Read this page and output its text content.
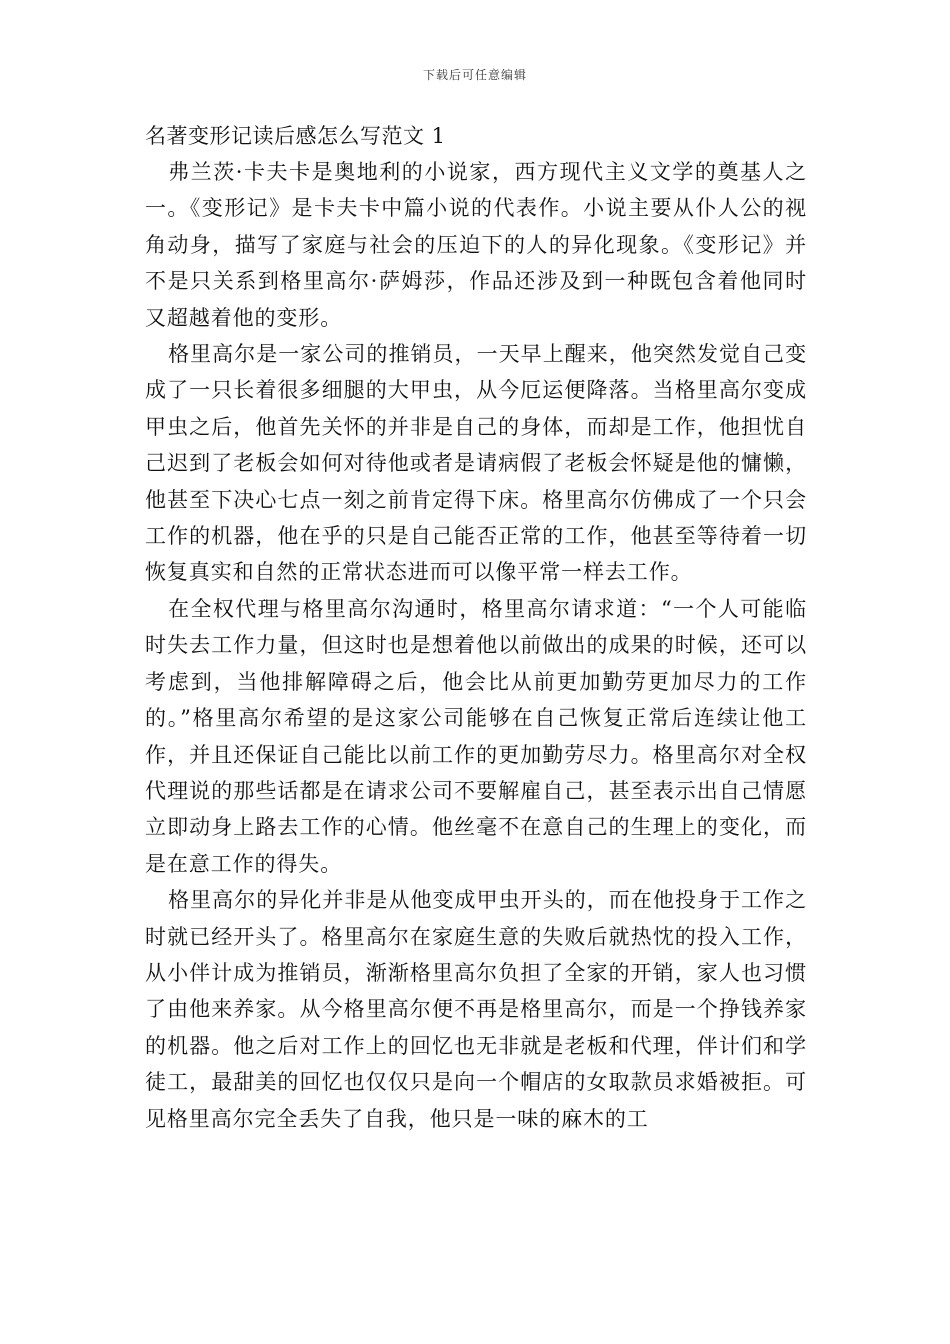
下载后可任意编辑
名著变形记读后感怎么写范文 1

弗兰茨·卡夫卡是奥地利的小说家，西方现代主义文学的奠基人之一。《变形记》是卡夫卡中篇小说的代表作。小说主要从仆人公的视角动身，描写了家庭与社会的压迫下的人的异化现象。《变形记》并不是只关系到格里高尔·萨姆莎，作品还涉及到一种既包含着他同时又超越着他的变形。

格里高尔是一家公司的推销员，一天早上醒来，他突然发觉自己变成了一只长着很多细腿的大甲虫，从今厄运便降落。当格里高尔变成甲虫之后，他首先关怀的并非是自己的身体，而却是工作，他担忧自己迟到了老板会如何对待他或者是请病假了老板会怀疑是他的慵懒，他甚至下决心七点一刻之前肯定得下床。格里高尔仿佛成了一个只会工作的机器，他在乎的只是自己能否正常的工作，他甚至等待着一切恢复真实和自然的正常状态进而可以像平常一样去工作。

在全权代理与格里高尔沟通时，格里高尔请求道：“一个人可能临时失去工作力量，但这时也是想着他以前做出的成果的时候，还可以考虑到，当他排解障碍之后，他会比从前更加勤劳更加尽力的工作的。”格里高尔希望的是这家公司能够在自己恢复正常后连续让他工作，并且还保证自己能比以前工作的更加勤劳尽力。格里高尔对全权代理说的那些话都是在请求公司不要解雇自己，甚至表示出自己情愿立即动身上路去工作的心情。他丝毫不在意自己的生理上的变化，而是在意工作的得失。

格里高尔的异化并非是从他变成甲虫开头的，而在他投身于工作之时就已经开头了。格里高尔在家庭生意的失败后就热忱的投入工作，从小伴计成为推销员，渐渐格里高尔负担了全家的开销，家人也习惯了由他来养家。从今格里高尔便不再是格里高尔，而是一个挣钱养家的机器。他之后对工作上的回忆也无非就是老板和代理，伴计们和学徒工，最甜美的回忆也仅仅只是向一个帽店的女取款员求婚被拒。可见格里高尔完全丢失了自我，他只是一味的麻木的工
